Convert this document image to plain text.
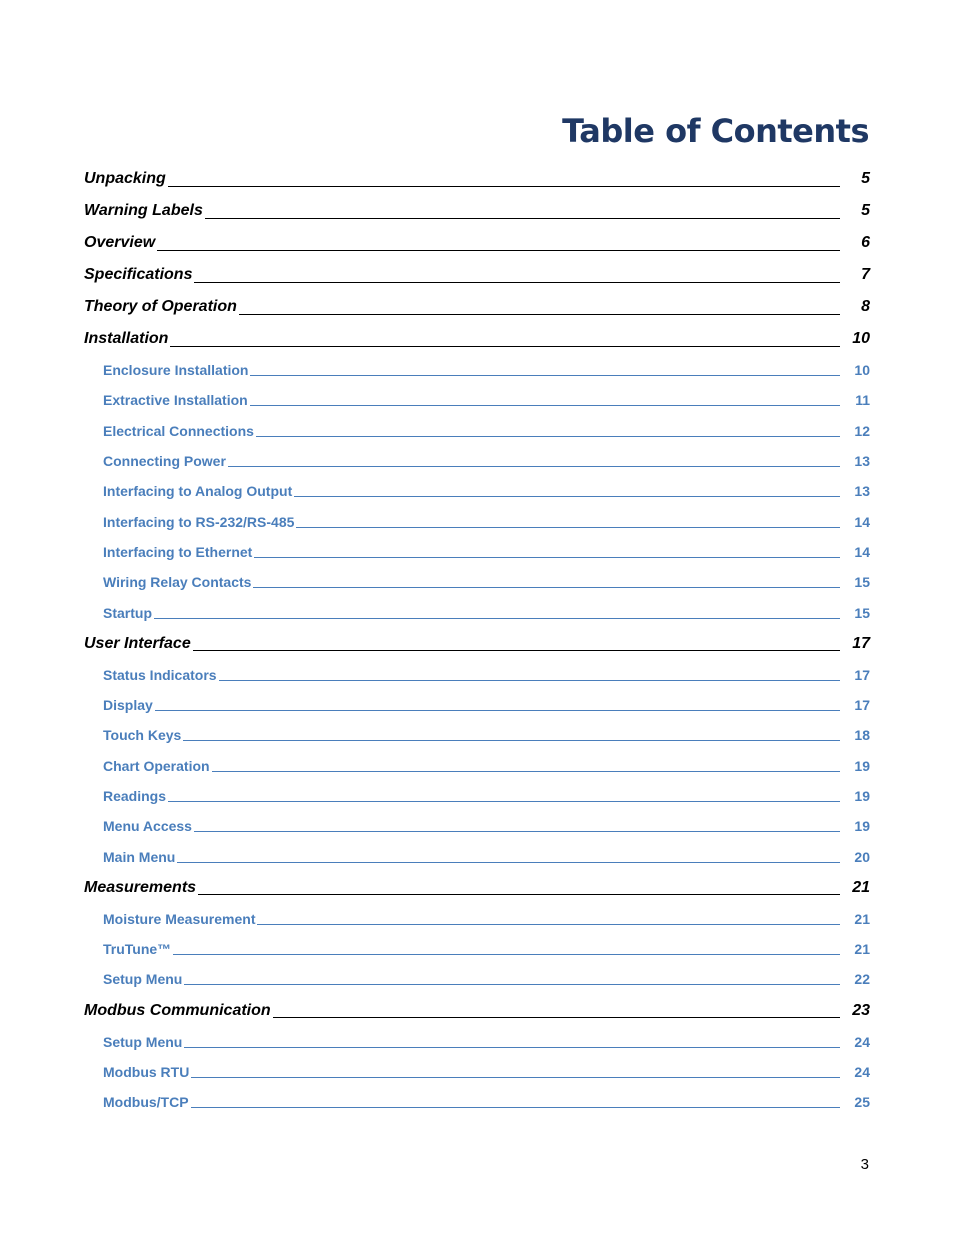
Table of Contents
Unpacking	5
Warning Labels	5
Overview	6
Specifications	7
Theory of Operation	8
Installation	10
Enclosure Installation	10
Extractive Installation	11
Electrical Connections	12
Connecting Power	13
Interfacing to Analog Output	13
Interfacing to RS-232/RS-485	14
Interfacing to Ethernet	14
Wiring Relay Contacts	15
Startup	15
User Interface	17
Status Indicators	17
Display	17
Touch Keys	18
Chart Operation	19
Readings	19
Menu Access	19
Main Menu	20
Measurements	21
Moisture Measurement	21
TruTune™	21
Setup Menu	22
Modbus Communication	23
Setup Menu	24
Modbus RTU	24
Modbus/TCP	25
3
